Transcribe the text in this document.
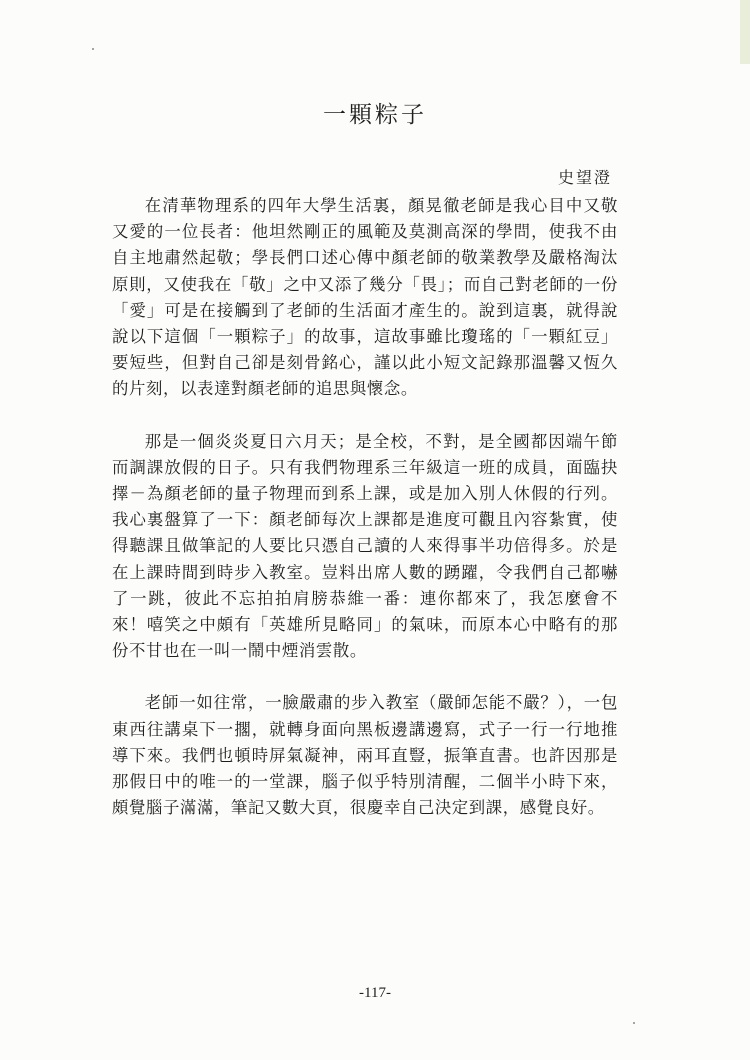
一顆粽子
史望澄

在清華物理系的四年大學生活裏，顏晃徹老師是我心目中又敬又愛的一位長者：他坦然剛正的風範及莫測高深的學問，使我不由自主地肅然起敬；學長們口述心傳中顏老師的敬業教學及嚴格淘汰原則，又使我在「敬」之中又添了幾分「畏」；而自己對老師的一份「愛」可是在接觸到了老師的生活面才產生的。說到這裏，就得說說以下這個「一顆粽子」的故事，這故事雖比瓊瑤的「一顆紅豆」要短些，但對自己卻是刻骨銘心，謹以此小短文記錄那溫馨又恆久的片刻，以表達對顏老師的追思與懷念。

那是一個炎炎夏日六月天；是全校，不對，是全國都因端午節而調課放假的日子。只有我們物理系三年級這一班的成員，面臨抉擇－為顏老師的量子物理而到系上課，或是加入別人休假的行列。我心裏盤算了一下：顏老師每次上課都是進度可觀且內容紮實，使得聽課且做筆記的人要比只憑自己讀的人來得事半功倍得多。於是在上課時間到時步入教室。豈料出席人數的踴躍，令我們自己都嚇了一跳，彼此不忘拍拍肩膀恭維一番：連你都來了，我怎麼會不來！嘻笑之中頗有「英雄所見略同」的氣味，而原本心中略有的那份不甘也在一叫一鬧中煙消雲散。

老師一如往常，一臉嚴肅的步入教室（嚴師怎能不嚴？），一包東西往講桌下一擱，就轉身面向黑板邊講邊寫，式子一行一行地推導下來。我們也頓時屏氣凝神，兩耳直豎，振筆直書。也許因那是那假日中的唯一的一堂課，腦子似乎特別清醒，二個半小時下來，頗覺腦子滿滿，筆記又數大頁，很慶幸自己決定到課，感覺良好。

-117-
